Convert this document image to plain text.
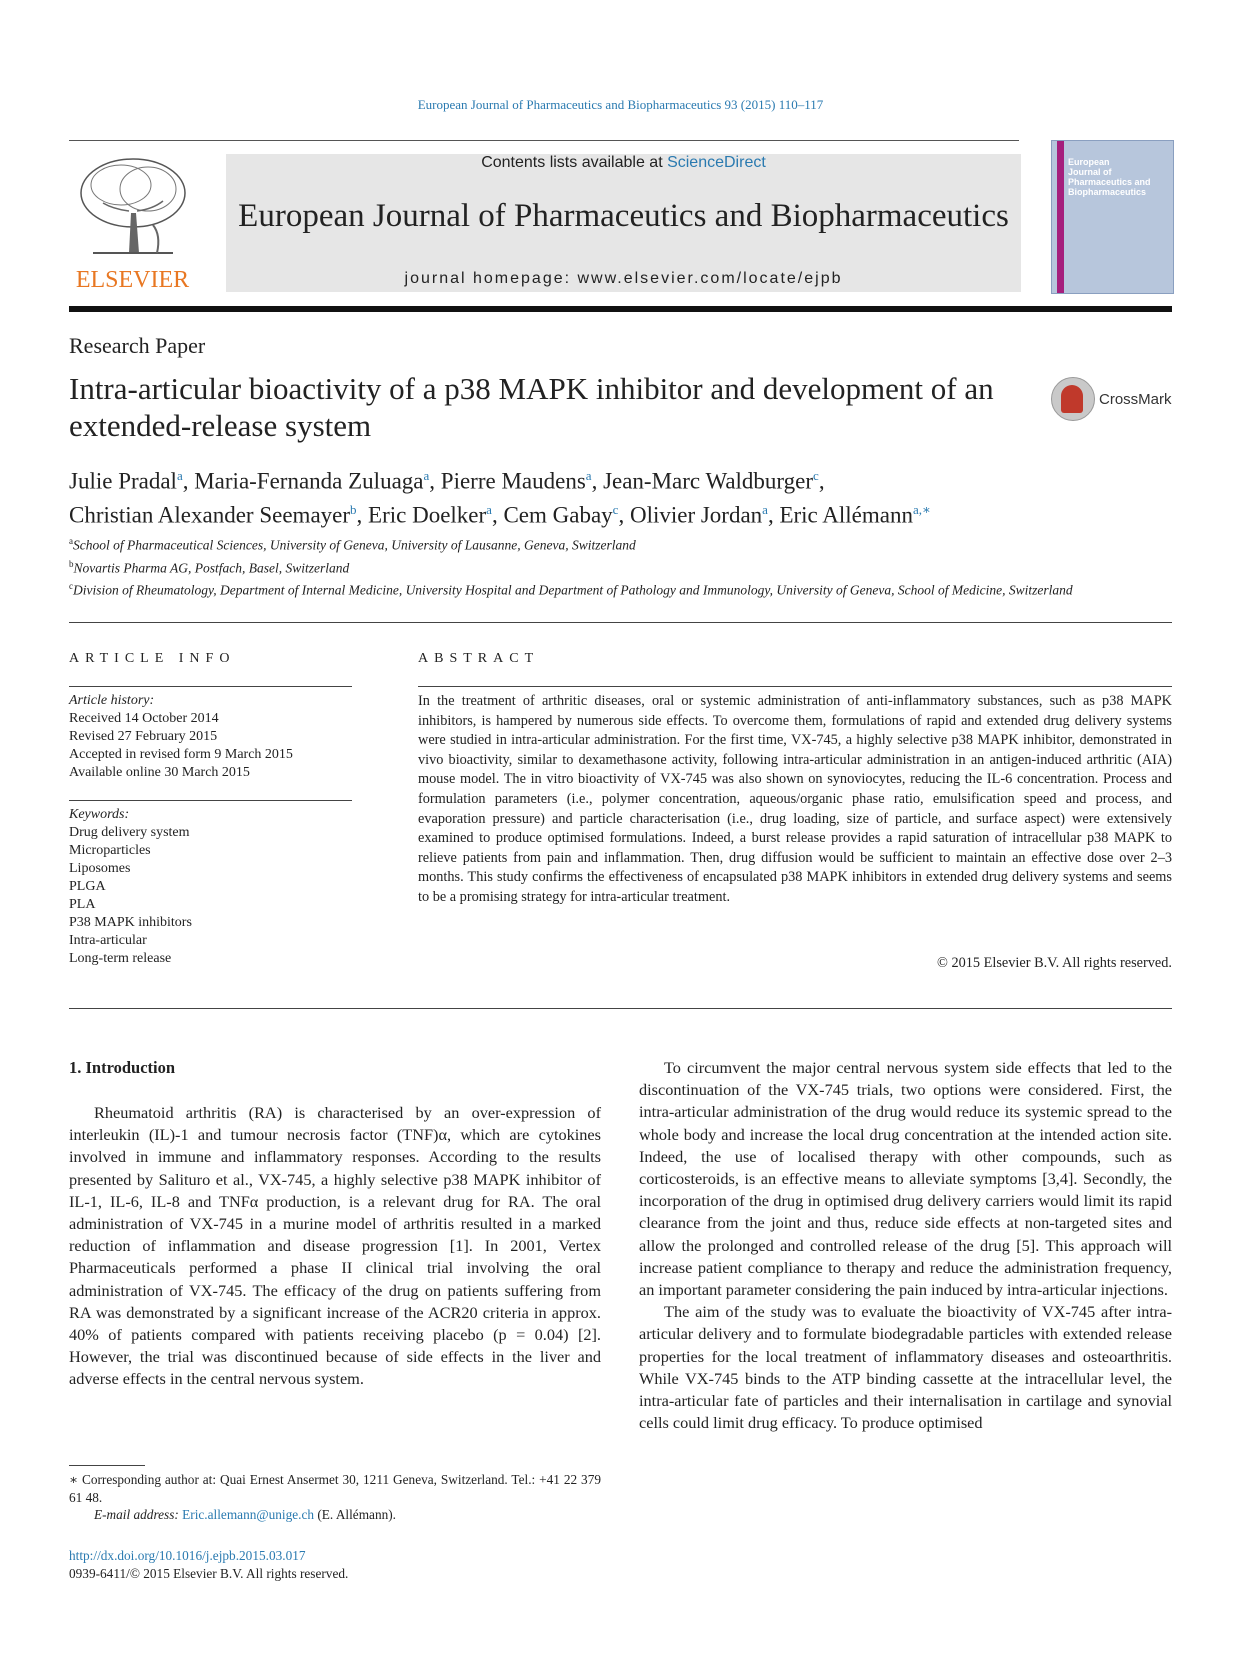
European Journal of Pharmaceutics and Biopharmaceutics 93 (2015) 110–117
ELSEVIER
Contents lists available at ScienceDirect
European Journal of Pharmaceutics and Biopharmaceutics
journal homepage: www.elsevier.com/locate/ejpb
European
Journal of
Pharmaceutics and
Biopharmaceutics
Research Paper
Intra-articular bioactivity of a p38 MAPK inhibitor and development of an extended-release system
CrossMark
Julie Pradal$^a$, Maria-Fernanda Zuluaga$^a$, Pierre Maudens$^a$, Jean-Marc Waldburger$^c$,
Christian Alexander Seemayer$^b$, Eric Doelker$^a$, Cem Gabay$^c$, Olivier Jordan$^a$, Eric Allémann$^{a,∗}$
$^a$School of Pharmaceutical Sciences, University of Geneva, University of Lausanne, Geneva, Switzerland
$^b$Novartis Pharma AG, Postfach, Basel, Switzerland
$^c$Division of Rheumatology, Department of Internal Medicine, University Hospital and Department of Pathology and Immunology, University of Geneva, School of Medicine, Switzerland
ARTICLE INFO	ABSTRACT
Article history:
Received 14 October 2014
Revised 27 February 2015
Accepted in revised form 9 March 2015
Available online 30 March 2015
Keywords:
Drug delivery system
Microparticles
Liposomes
PLGA
PLA
P38 MAPK inhibitors
Intra-articular
Long-term release
In the treatment of arthritic diseases, oral or systemic administration of anti-inflammatory substances, such as p38 MAPK inhibitors, is hampered by numerous side effects. To overcome them, formulations of rapid and extended drug delivery systems were studied in intra-articular administration. For the first time, VX-745, a highly selective p38 MAPK inhibitor, demonstrated in vivo bioactivity, similar to dexamethasone activity, following intra-articular administration in an antigen-induced arthritic (AIA) mouse model. The in vitro bioactivity of VX-745 was also shown on synoviocytes, reducing the IL-6 concentration. Process and formulation parameters (i.e., polymer concentration, aqueous/organic phase ratio, emulsification speed and process, and evaporation pressure) and particle characterisation (i.e., drug loading, size of particle, and surface aspect) were extensively examined to produce optimised formulations. Indeed, a burst release provides a rapid saturation of intracellular p38 MAPK to relieve patients from pain and inflammation. Then, drug diffusion would be sufficient to maintain an effective dose over 2–3 months. This study confirms the effectiveness of encapsulated p38 MAPK inhibitors in extended drug delivery systems and seems to be a promising strategy for intra-articular treatment.
© 2015 Elsevier B.V. All rights reserved.
1. Introduction

Rheumatoid arthritis (RA) is characterised by an over-expression of interleukin (IL)-1 and tumour necrosis factor (TNF)α, which are cytokines involved in immune and inflammatory responses. According to the results presented by Salituro et al., VX-745, a highly selective p38 MAPK inhibitor of IL-1, IL-6, IL-8 and TNFα production, is a relevant drug for RA. The oral administration of VX-745 in a murine model of arthritis resulted in a marked reduction of inflammation and disease progression [1]. In 2001, Vertex Pharmaceuticals performed a phase II clinical trial involving the oral administration of VX-745. The efficacy of the drug on patients suffering from RA was demonstrated by a significant increase of the ACR20 criteria in approx. 40% of patients compared with patients receiving placebo (p = 0.04) [2]. However, the trial was discontinued because of side effects in the liver and adverse effects in the central nervous system.

To circumvent the major central nervous system side effects that led to the discontinuation of the VX-745 trials, two options were considered. First, the intra-articular administration of the drug would reduce its systemic spread to the whole body and increase the local drug concentration at the intended action site. Indeed, the use of localised therapy with other compounds, such as corticosteroids, is an effective means to alleviate symptoms [3,4]. Secondly, the incorporation of the drug in optimised drug delivery carriers would limit its rapid clearance from the joint and thus, reduce side effects at non-targeted sites and allow the prolonged and controlled release of the drug [5]. This approach will increase patient compliance to therapy and reduce the administration frequency, an important parameter considering the pain induced by intra-articular injections.

The aim of the study was to evaluate the bioactivity of VX-745 after intra-articular delivery and to formulate biodegradable particles with extended release properties for the local treatment of inflammatory diseases and osteoarthritis. While VX-745 binds to the ATP binding cassette at the intracellular level, the intra-articular fate of particles and their internalisation in cartilage and synovial cells could limit drug efficacy. To produce optimised

∗ Corresponding author at: Quai Ernest Ansermet 30, 1211 Geneva, Switzerland. Tel.: +41 22 379 61 48.
E-mail address: Eric.allemann@unige.ch (E. Allémann).
http://dx.doi.org/10.1016/j.ejpb.2015.03.017
0939-6411/© 2015 Elsevier B.V. All rights reserved.
